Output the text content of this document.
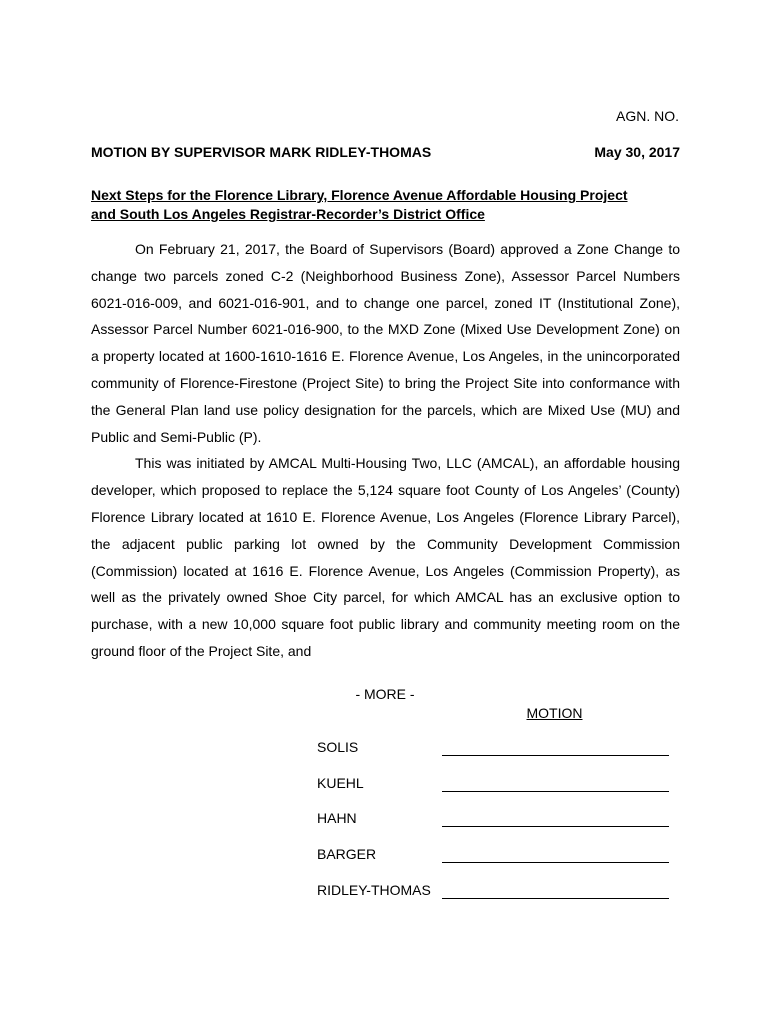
AGN. NO.
MOTION BY SUPERVISOR MARK RIDLEY-THOMAS	May 30, 2017
Next Steps for the Florence Library, Florence Avenue Affordable Housing Project
and South Los Angeles Registrar-Recorder’s District Office

On February 21, 2017, the Board of Supervisors (Board) approved a Zone Change to change two parcels zoned C-2 (Neighborhood Business Zone), Assessor Parcel Numbers 6021-016-009, and 6021-016-901, and to change one parcel, zoned IT (Institutional Zone), Assessor Parcel Number 6021-016-900, to the MXD Zone (Mixed Use Development Zone) on a property located at 1600-1610-1616 E. Florence Avenue, Los Angeles, in the unincorporated community of Florence-Firestone (Project Site) to bring the Project Site into conformance with the General Plan land use policy designation for the parcels, which are Mixed Use (MU) and Public and Semi-Public (P).

This was initiated by AMCAL Multi-Housing Two, LLC (AMCAL), an affordable housing developer, which proposed to replace the 5,124 square foot County of Los Angeles’ (County) Florence Library located at 1610 E. Florence Avenue, Los Angeles (Florence Library Parcel), the adjacent public parking lot owned by the Community Development Commission (Commission) located at 1616 E. Florence Avenue, Los Angeles (Commission Property), as well as the privately owned Shoe City parcel, for which AMCAL has an exclusive option to purchase, with a new 10,000 square foot public library and community meeting room on the ground floor of the Project Site, and

- MORE -
MOTION
SOLIS
KUEHL
HAHN
BARGER
RIDLEY-THOMAS
